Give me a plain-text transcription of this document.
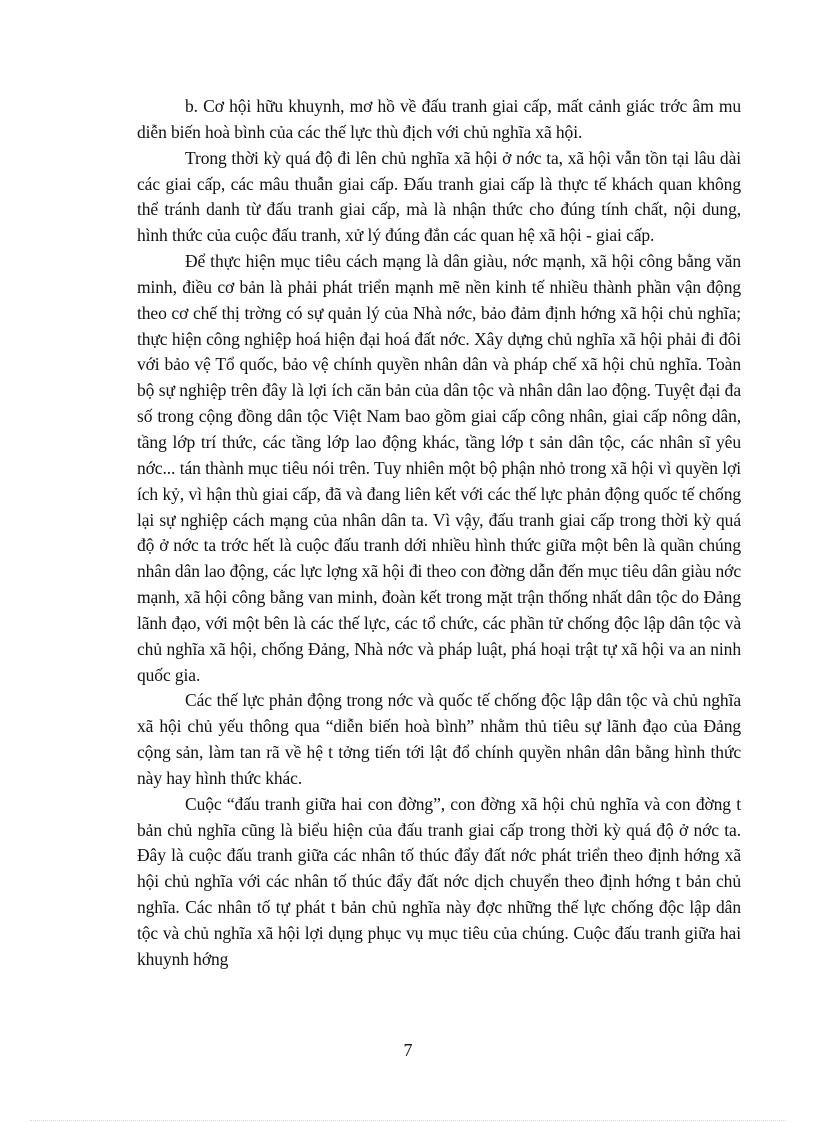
b. Cơ hội hữu khuynh, mơ hồ về đấu tranh giai cấp, mất cảnh giác trớc âm mu diễn biến hoà bình của các thế lực thù địch với chủ nghĩa xã hội.

Trong thời kỳ quá độ đi lên chủ nghĩa xã hội ở nớc ta, xã hội vẫn tồn tại lâu dài các giai cấp, các mâu thuẫn giai cấp. Đấu tranh giai cấp là thực tế khách quan không thể tránh danh từ đấu tranh giai cấp, mà là nhận thức cho đúng tính chất, nội dung, hình thức của cuộc đấu tranh, xử lý đúng đắn các quan hệ xã hội - giai cấp.

Để thực hiện mục tiêu cách mạng là dân giàu, nớc mạnh, xã hội công bằng văn minh, điều cơ bản là phải phát triển mạnh mẽ nền kinh tế nhiều thành phần vận động theo cơ chế thị trờng có sự quản lý của Nhà nớc, bảo đảm định hớng xã hội chủ nghĩa; thực hiện công nghiệp hoá hiện đại hoá đất nớc. Xây dựng chủ nghĩa xã hội phải đi đôi với bảo vệ Tổ quốc, bảo vệ chính quyền nhân dân và pháp chế xã hội chủ nghĩa. Toàn bộ sự nghiệp trên đây là lợi ích căn bản của dân tộc và nhân dân lao động. Tuyệt đại đa số trong cộng đồng dân tộc Việt Nam bao gồm giai cấp công nhân, giai cấp nông dân, tầng lớp trí thức, các tầng lớp lao động khác, tầng lớp t sản dân tộc, các nhân sĩ yêu nớc... tán thành mục tiêu nói trên. Tuy nhiên một bộ phận nhỏ trong xã hội vì quyền lợi ích kỷ, vì hận thù giai cấp, đã và đang liên kết với các thế lực phản động quốc tế chống lại sự nghiệp cách mạng của nhân dân ta. Vì vậy, đấu tranh giai cấp trong thời kỳ quá độ ở nớc ta trớc hết là cuộc đấu tranh dới nhiều hình thức giữa một bên là quần chúng nhân dân lao động, các lực lợng xã hội đi theo con đờng dẫn đến mục tiêu dân giàu nớc mạnh, xã hội công bằng van minh, đoàn kết trong mặt trận thống nhất dân tộc do Đảng lãnh đạo, với một bên là các thế lực, các tổ chức, các phần tử chống độc lập dân tộc và chủ nghĩa xã hội, chống Đảng, Nhà nớc và pháp luật, phá hoại trật tự xã hội va an ninh quốc gia.

Các thế lực phản động trong nớc và quốc tế chống độc lập dân tộc và chủ nghĩa xã hội chủ yếu thông qua “diễn biến hoà bình” nhằm thủ tiêu sự lãnh đạo của Đảng cộng sản, làm tan rã về hệ t tởng tiến tới lật đổ chính quyền nhân dân bằng hình thức này hay hình thức khác.

Cuộc “đấu tranh giữa hai con đờng”, con đờng xã hội chủ nghĩa và con đờng t bản chủ nghĩa cũng là biểu hiện của đấu tranh giai cấp trong thời kỳ quá độ ở nớc ta. Đây là cuộc đấu tranh giữa các nhân tố thúc đẩy đất nớc phát triển theo định hớng xã hội chủ nghĩa với các nhân tố thúc đẩy đất nớc dịch chuyển theo định hớng t bản chủ nghĩa. Các nhân tố tự phát t bản chủ nghĩa này đợc những thế lực chống độc lập dân tộc và chủ nghĩa xã hội lợi dụng phục vụ mục tiêu của chúng. Cuộc đấu tranh giữa hai khuynh hớng

7
